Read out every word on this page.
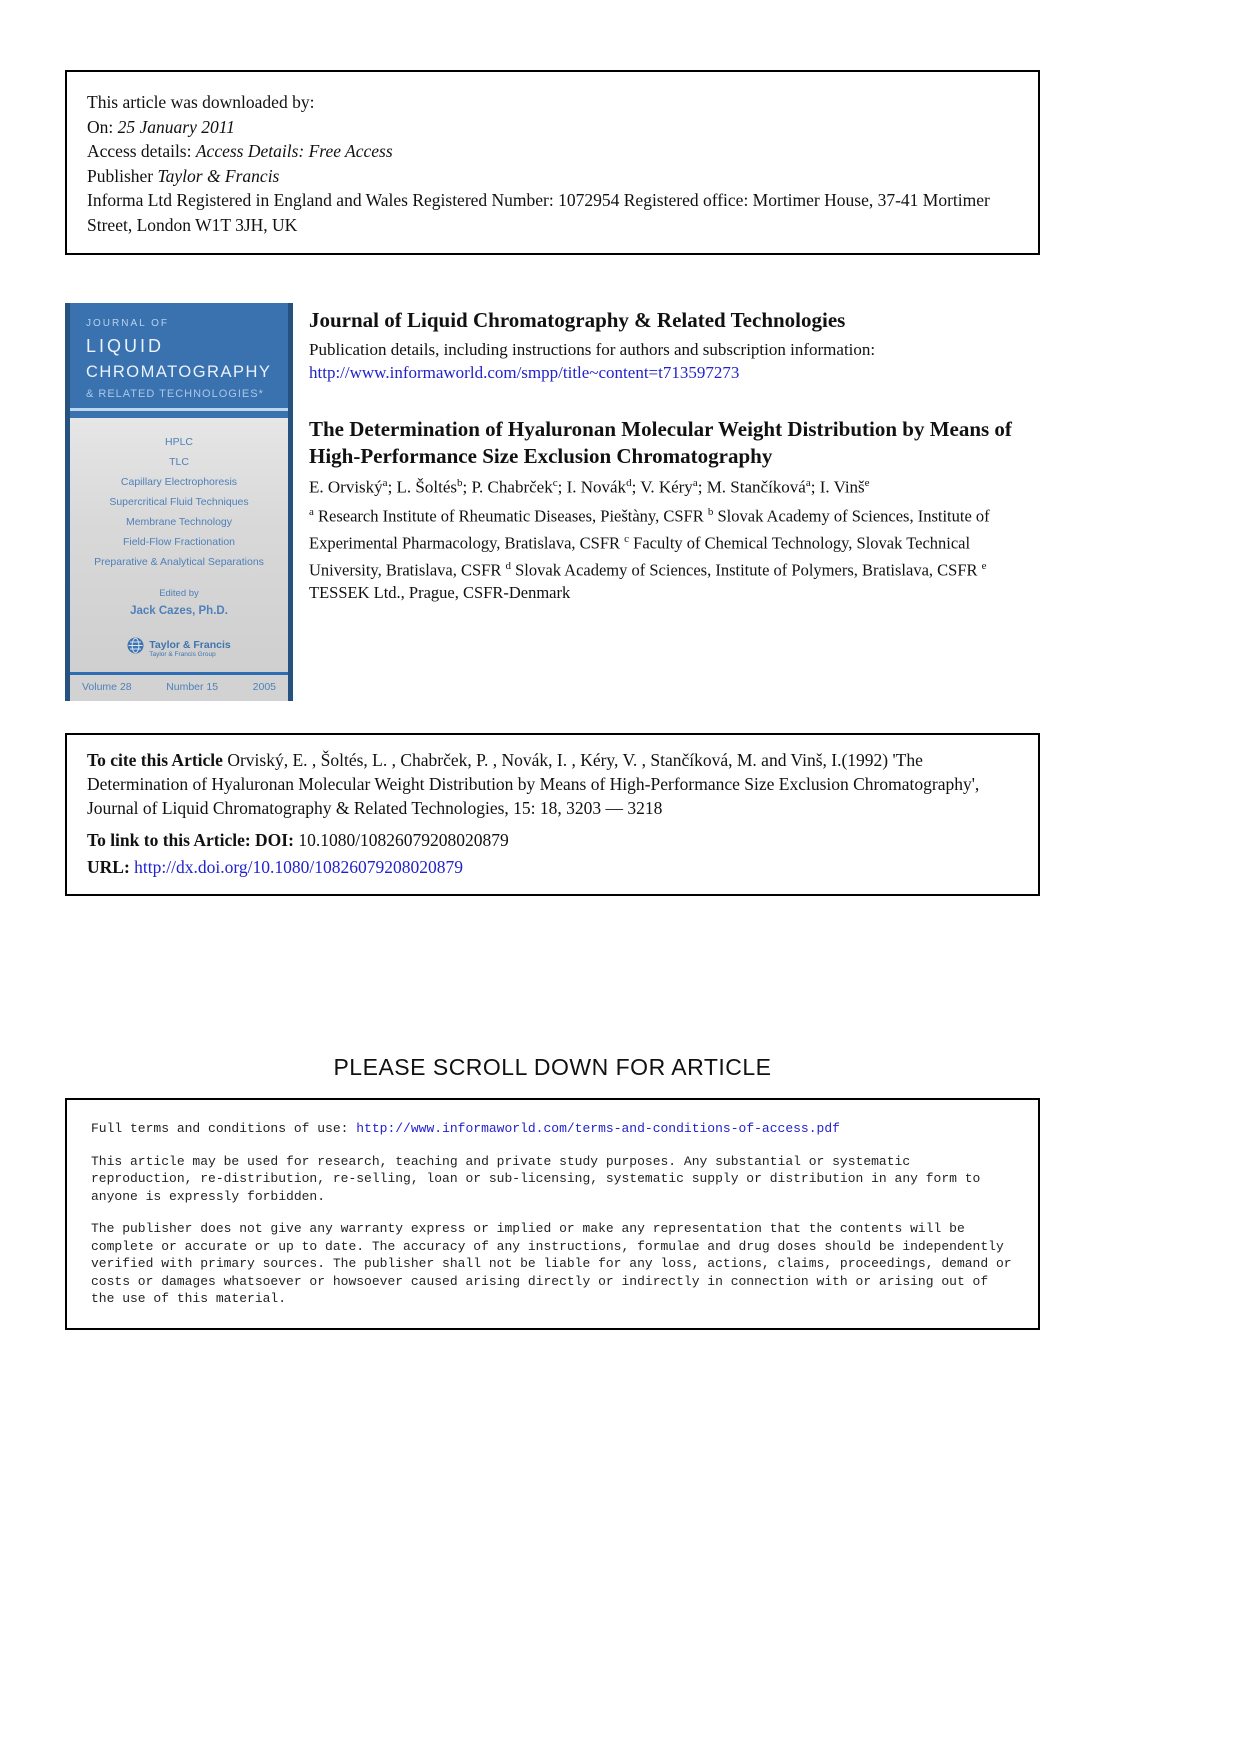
This article was downloaded by:
On: 25 January 2011
Access details: Access Details: Free Access
Publisher Taylor & Francis
Informa Ltd Registered in England and Wales Registered Number: 1072954 Registered office: Mortimer House, 37-41 Mortimer Street, London W1T 3JH, UK
JOURNAL OF
LIQUID
CHROMATOGRAPHY
& RELATED TECHNOLOGIES*
HPLC
TLC
Capillary Electrophoresis
Supercritical Fluid Techniques
Membrane Technology
Field-Flow Fractionation
Preparative & Analytical Separations
Edited by
Jack Cazes, Ph.D.
Taylor & Francis
Taylor & Francis Group
Volume 28	Number 15	2005
Journal of Liquid Chromatography & Related Technologies
Publication details, including instructions for authors and subscription information:
http://www.informaworld.com/smpp/title~content=t713597273
The Determination of Hyaluronan Molecular Weight Distribution by Means of High-Performance Size Exclusion Chromatography
E. Orviský$^a$; L. Šoltés$^b$; P. Chabrček$^c$; I. Novák$^d$; V. Kéry$^a$; M. Stančíková$^a$; I. Vinš$^e$
$^a$ Research Institute of Rheumatic Diseases, Pieštàny, CSFR $^b$ Slovak Academy of Sciences, Institute of Experimental Pharmacology, Bratislava, CSFR $^c$ Faculty of Chemical Technology, Slovak Technical University, Bratislava, CSFR $^d$ Slovak Academy of Sciences, Institute of Polymers, Bratislava, CSFR $^e$ TESSEK Ltd., Prague, CSFR-Denmark
To cite this Article Orviský, E. , Šoltés, L. , Chabrček, P. , Novák, I. , Kéry, V. , Stančíková, M. and Vinš, I.(1992) 'The Determination of Hyaluronan Molecular Weight Distribution by Means of High-Performance Size Exclusion Chromatography', Journal of Liquid Chromatography & Related Technologies, 15: 18, 3203 — 3218
To link to this Article: DOI: 10.1080/10826079208020879
URL: http://dx.doi.org/10.1080/10826079208020879
PLEASE SCROLL DOWN FOR ARTICLE

Full terms and conditions of use: http://www.informaworld.com/terms-and-conditions-of-access.pdf

This article may be used for research, teaching and private study purposes. Any substantial or systematic reproduction, re-distribution, re-selling, loan or sub-licensing, systematic supply or distribution in any form to anyone is expressly forbidden.

The publisher does not give any warranty express or implied or make any representation that the contents will be complete or accurate or up to date. The accuracy of any instructions, formulae and drug doses should be independently verified with primary sources. The publisher shall not be liable for any loss, actions, claims, proceedings, demand or costs or damages whatsoever or howsoever caused arising directly or indirectly in connection with or arising out of the use of this material.
